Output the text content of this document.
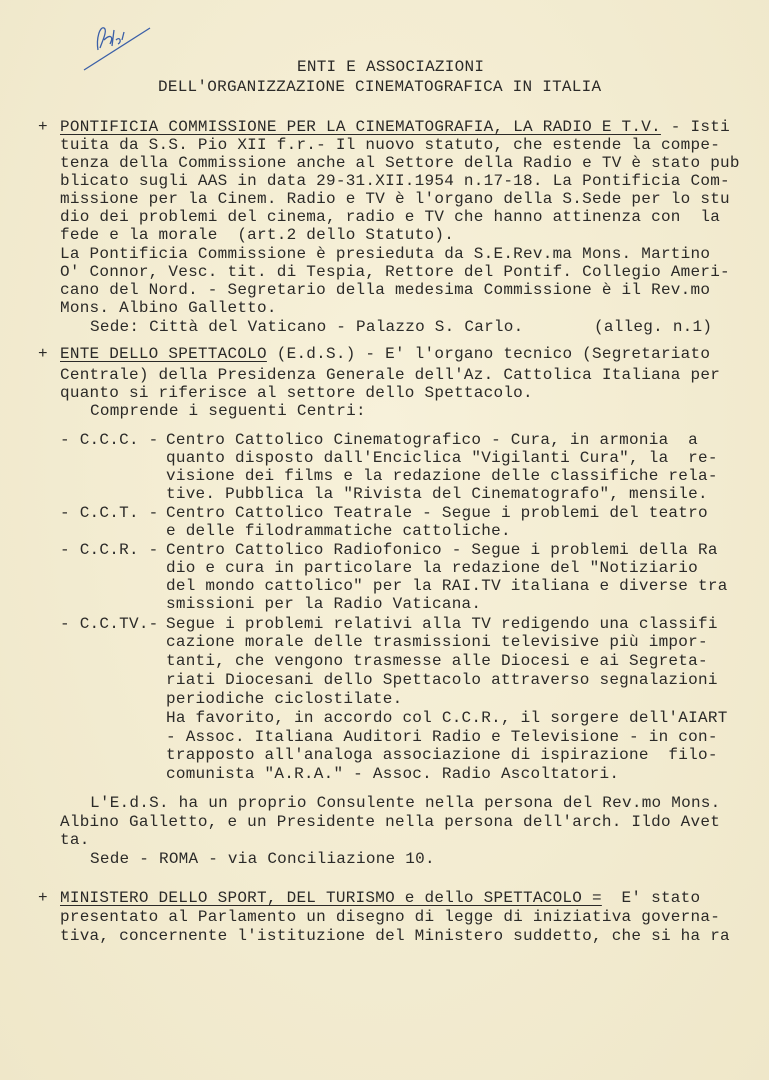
ENTI E ASSOCIAZIONI
DELL'ORGANIZZAZIONE CINEMATOGRAFICA IN ITALIA
+ PONTIFICIA COMMISSIONE PER LA CINEMATOGRAFIA, LA RADIO E T.V. - Isti
tuita da S.S. Pio XII f.r.- Il nuovo statuto, che estende la compe-
tenza della Commissione anche al Settore della Radio e TV è stato pub
blicato sugli AAS in data 29-31.XII.1954 n.17-18. La Pontificia Com-
missione per la Cinem. Radio e TV è l'organo della S.Sede per lo stu
dio dei problemi del cinema, radio e TV che hanno attinenza con  la
fede e la morale  (art.2 dello Statuto).
La Pontificia Commissione è presieduta da S.E.Rev.ma Mons. Martino
O' Connor, Vesc. tit. di Tespia, Rettore del Pontif. Collegio Ameri-
cano del Nord. - Segretario della medesima Commissione è il Rev.mo
Mons. Albino Galletto.
Sede: Città del Vaticano - Palazzo S. Carlo.	(alleg. n.1)
+ ENTE DELLO SPETTACOLO (E.d.S.) - E' l'organo tecnico (Segretariato
Centrale) della Presidenza Generale dell'Az. Cattolica Italiana per
quanto si riferisce al settore dello Spettacolo.
Comprende i seguenti Centri:
- C.C.C. - Centro Cattolico Cinematografico - Cura, in armonia  a
quanto disposto dall'Enciclica "Vigilanti Cura", la  re-
visione dei films e la redazione delle classifiche rela-
tive. Pubblica la "Rivista del Cinematografo", mensile.
- C.C.T. - Centro Cattolico Teatrale - Segue i problemi del teatro
e delle filodrammatiche cattoliche.
- C.C.R. - Centro Cattolico Radiofonico - Segue i problemi della Ra
dio e cura in particolare la redazione del "Notiziario
del mondo cattolico" per la RAI.TV italiana e diverse tra
smissioni per la Radio Vaticana.
- C.C.TV.- Segue i problemi relativi alla TV redigendo una classifi
cazione morale delle trasmissioni televisive più impor-
tanti, che vengono trasmesse alle Diocesi e ai Segreta-
riati Diocesani dello Spettacolo attraverso segnalazioni
periodiche ciclostilate.
Ha favorito, in accordo col C.C.R., il sorgere dell'AIART
- Assoc. Italiana Auditori Radio e Televisione - in con-
trapposto all'analoga associazione di ispirazione  filo-
comunista "A.R.A." - Assoc. Radio Ascoltatori.
L'E.d.S. ha un proprio Consulente nella persona del Rev.mo Mons.
Albino Galletto, e un Presidente nella persona dell'arch. Ildo Avet
ta.
Sede - ROMA - via Conciliazione 10.
+ MINISTERO DELLO SPORT, DEL TURISMO e dello SPETTACOLO =  E' stato
presentato al Parlamento un disegno di legge di iniziativa governa-
tiva, concernente l'istituzione del Ministero suddetto, che si ha ra
